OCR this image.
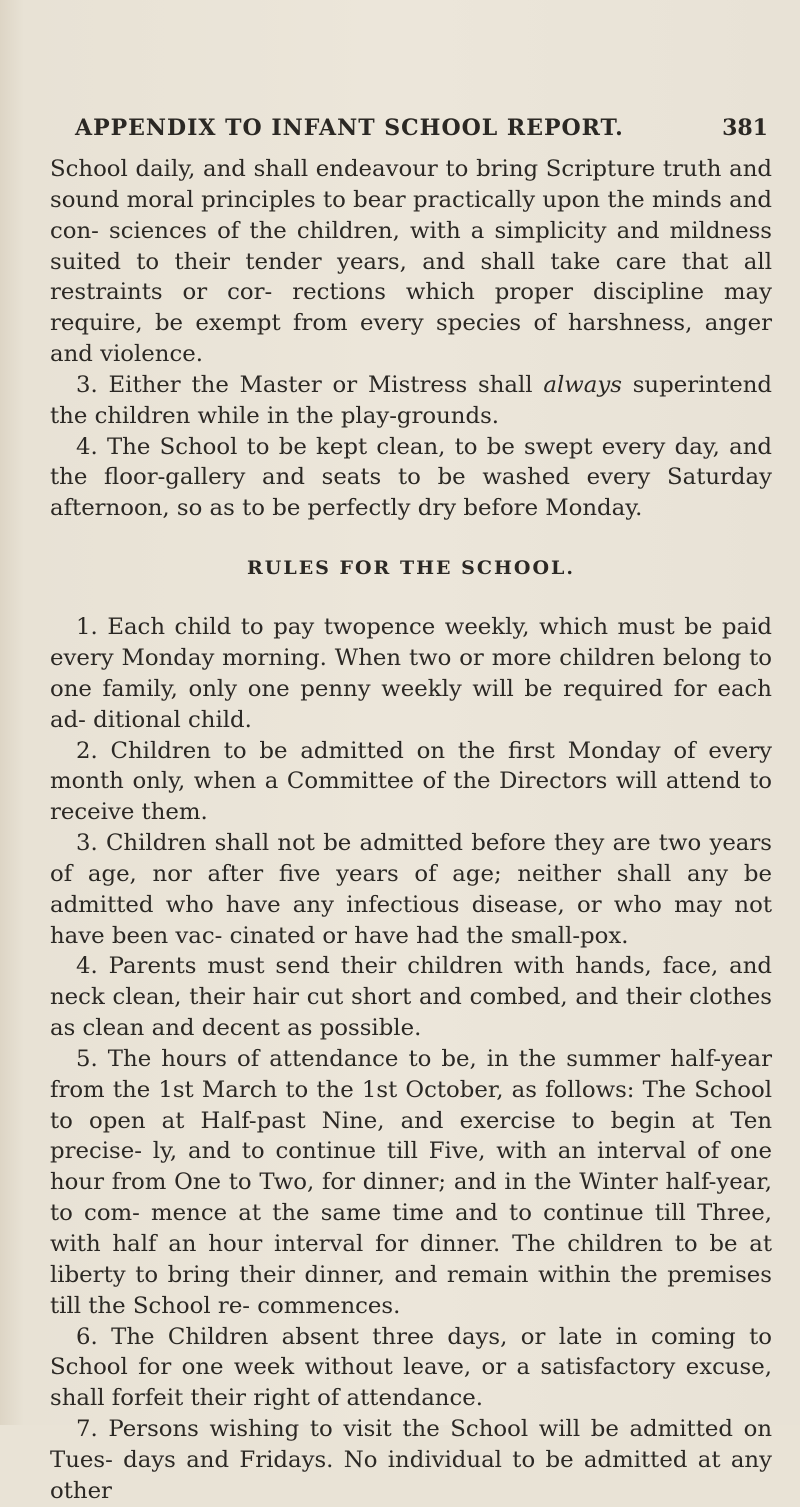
APPENDIX TO INFANT SCHOOL REPORT.	381

School daily, and shall endeavour to bring Scripture truth and sound moral principles to bear practically upon the minds and con- sciences of the children, with a simplicity and mildness suited to their tender years, and shall take care that all restraints or cor- rections which proper discipline may require, be exempt from every species of harshness, anger and violence.

3. Either the Master or Mistress shall always superintend the children while in the play-grounds.

4. The School to be kept clean, to be swept every day, and the floor-gallery and seats to be washed every Saturday afternoon, so as to be perfectly dry before Monday.

RULES FOR THE SCHOOL.

1. Each child to pay twopence weekly, which must be paid every Monday morning. When two or more children belong to one family, only one penny weekly will be required for each ad- ditional child.

2. Children to be admitted on the first Monday of every month only, when a Committee of the Directors will attend to receive them.

3. Children shall not be admitted before they are two years of age, nor after five years of age; neither shall any be admitted who have any infectious disease, or who may not have been vac- cinated or have had the small-pox.

4. Parents must send their children with hands, face, and neck clean, their hair cut short and combed, and their clothes as clean and decent as possible.

5. The hours of attendance to be, in the summer half-year from the 1st March to the 1st October, as follows: The School to open at Half-past Nine, and exercise to begin at Ten precise- ly, and to continue till Five, with an interval of one hour from One to Two, for dinner; and in the Winter half-year, to com- mence at the same time and to continue till Three, with half an hour interval for dinner. The children to be at liberty to bring their dinner, and remain within the premises till the School re- commences.

6. The Children absent three days, or late in coming to School for one week without leave, or a satisfactory excuse, shall forfeit their right of attendance.

7. Persons wishing to visit the School will be admitted on Tues- days and Fridays. No individual to be admitted at any other
